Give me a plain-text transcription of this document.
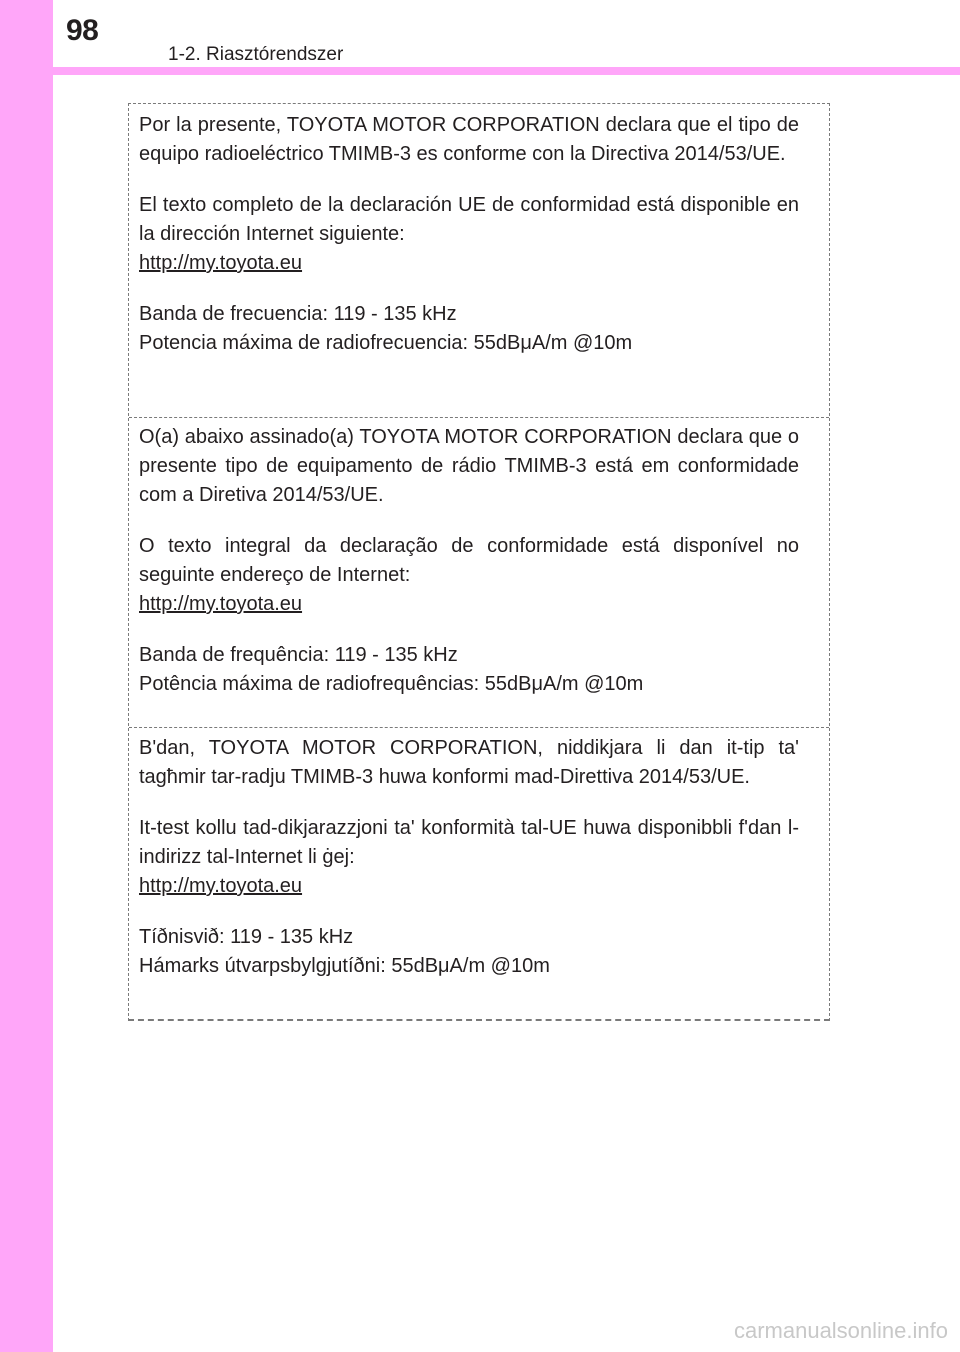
98
1-2. Riasztórendszer

Por la presente, TOYOTA MOTOR CORPORATION declara que el tipo de equipo radioeléctrico TMIMB-3 es conforme con la Directiva 2014/53/UE.

El texto completo de la declaración UE de conformidad está disponible en la dirección Internet siguiente:

http://my.toyota.eu
Banda de frecuencia: 119 - 135 kHz
Potencia máxima de radiofrecuencia: 55dBμA/m @10m

O(a) abaixo assinado(a) TOYOTA MOTOR CORPORATION declara que o presente tipo de equipamento de rádio TMIMB-3 está em conformidade com a Diretiva 2014/53/UE.

O texto integral da declaração de conformidade está disponível no seguinte endereço de Internet:

http://my.toyota.eu
Banda de frequência: 119 - 135 kHz
Potência máxima de radiofrequências: 55dBμA/m @10m

B'dan, TOYOTA MOTOR CORPORATION, niddikjara li dan it-tip ta' tagħmir tar-radju TMIMB-3 huwa konformi mad-Direttiva 2014/53/UE.

It-test kollu tad-dikjarazzjoni ta' konformità tal-UE huwa disponibbli f'dan l-indirizz tal-Internet li ġej:

http://my.toyota.eu
Tíðnisvið: 119 - 135 kHz
Hámarks útvarpsbylgjutíðni: 55dBμA/m @10m
carmanualsonline.info
